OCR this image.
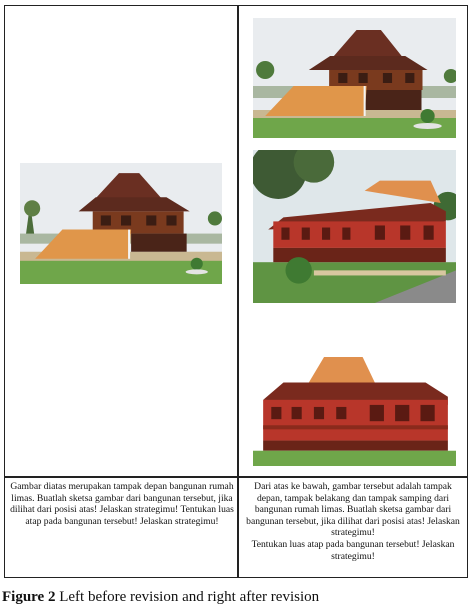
Gambar diatas merupakan tampak depan bangunan rumah limas. Buatlah sketsa gambar dari bangunan tersebut, jika dilihat dari posisi atas! Jelaskan strategimu! Tentukan luas atap pada bangunan tersebut! Jelaskan strategimu!

Dari atas ke bawah, gambar tersebut adalah tampak depan, tampak belakang dan tampak samping dari bangunan rumah limas. Buatlah sketsa gambar dari bangunan tersebut, jika dilihat dari posisi atas! Jelaskan strategimu!

Tentukan luas atap pada bangunan tersebut! Jelaskan strategimu!

Figure 2 Left before revision and right after revision
